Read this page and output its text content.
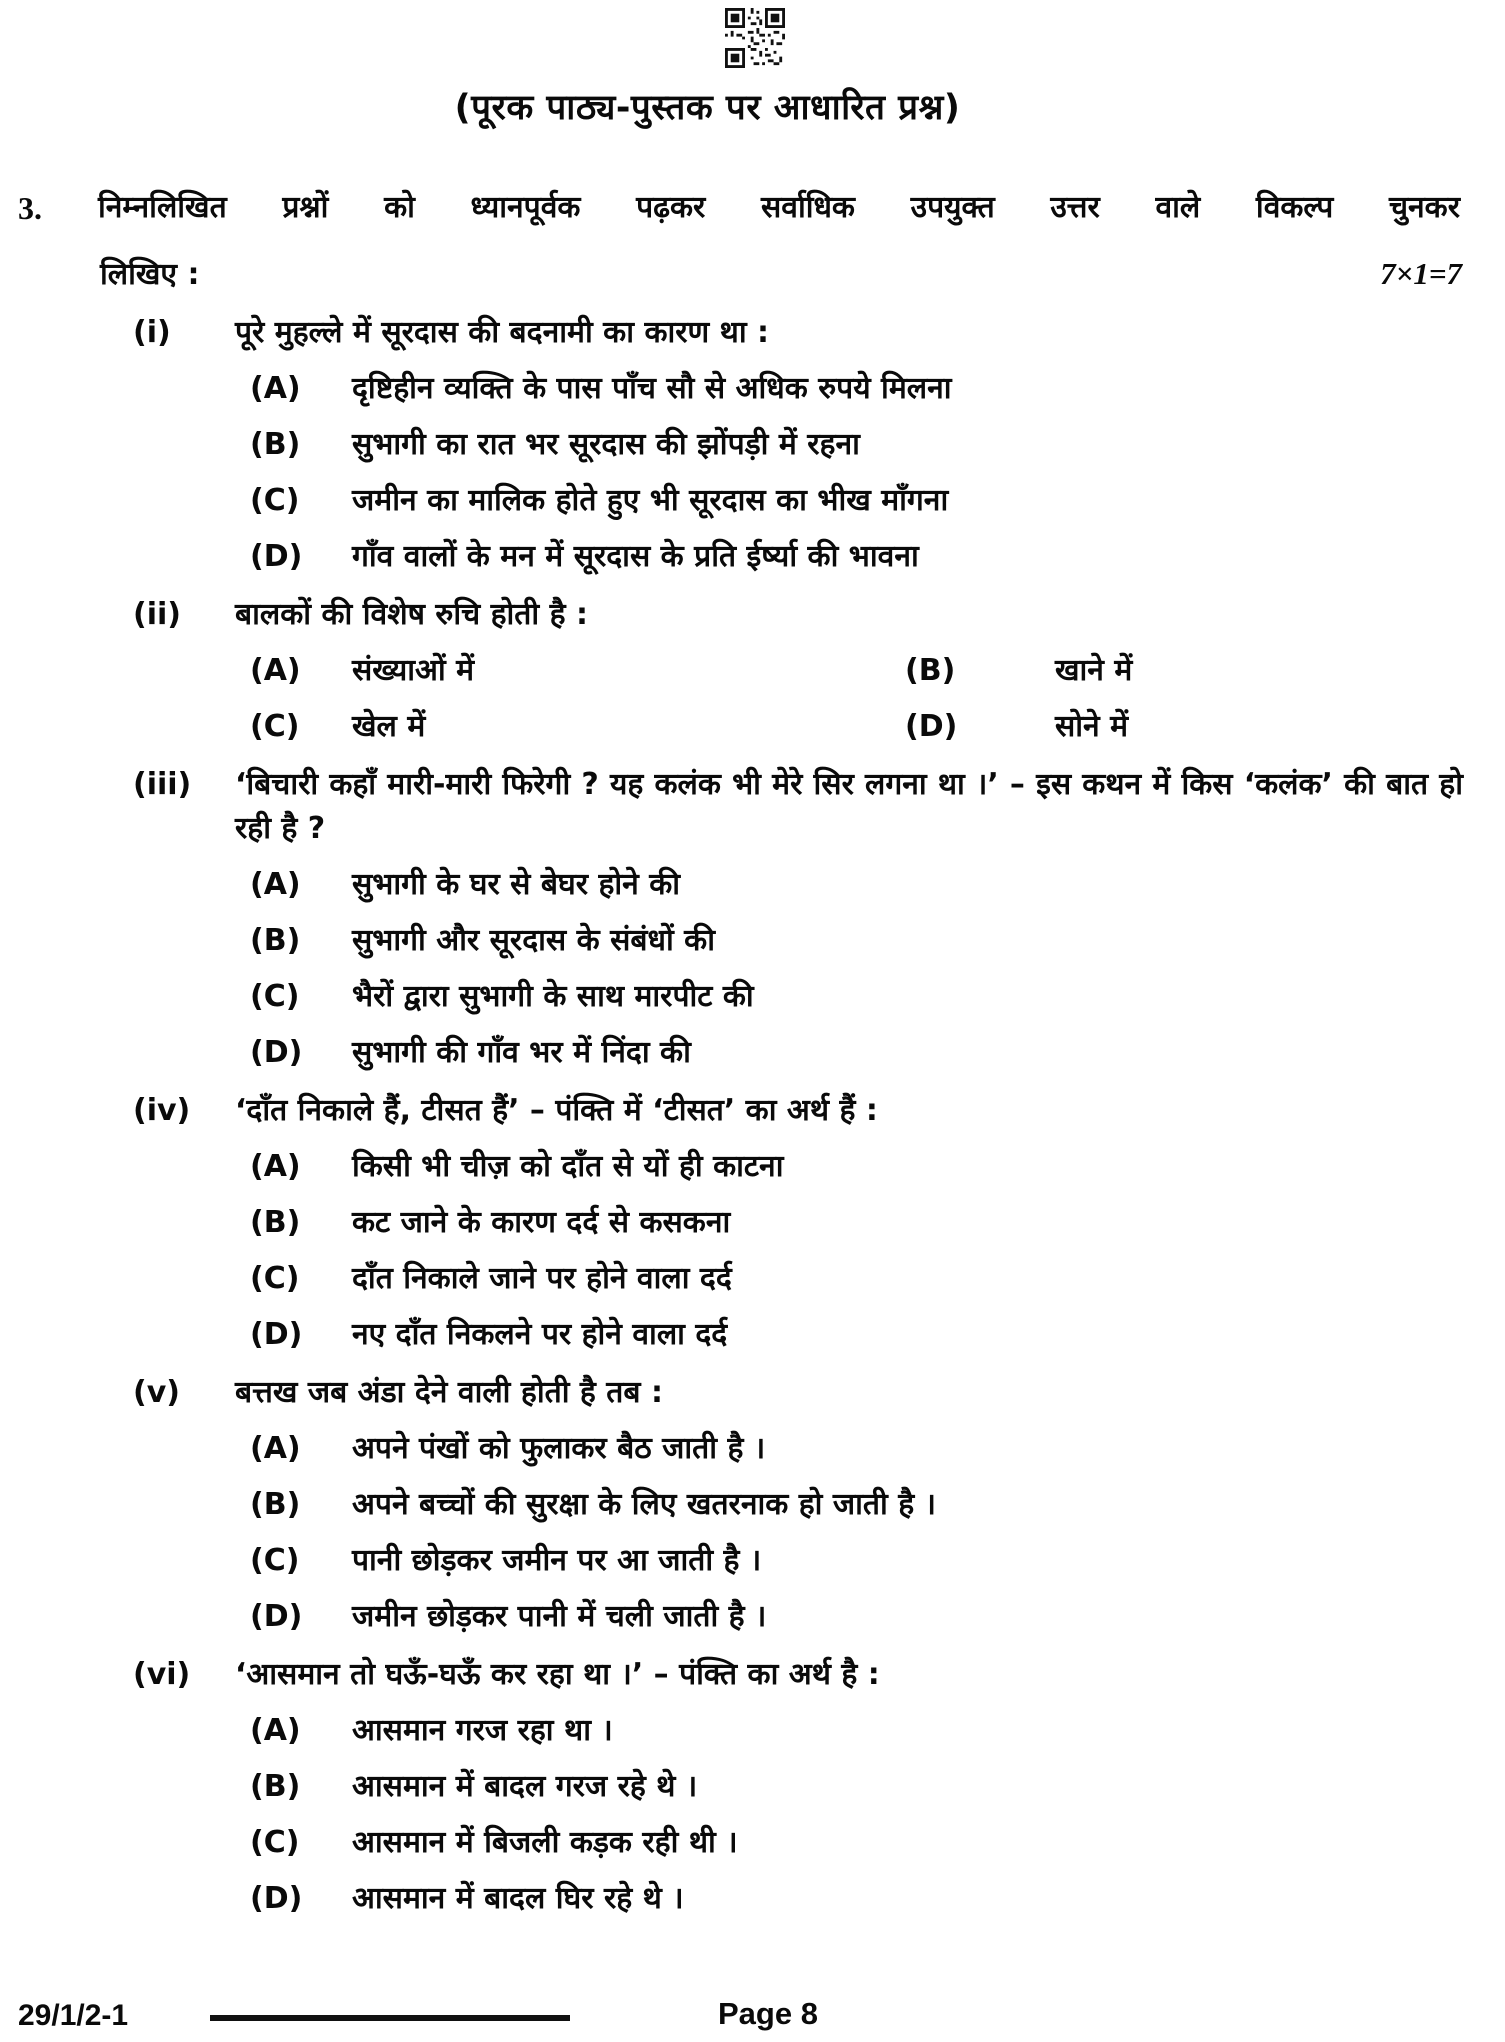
(पूरक पाठ्य-पुस्तक पर आधारित प्रश्न)
3.	निम्नलिखित प्रश्नों को ध्यानपूर्वक पढ़कर सर्वाधिक उपयुक्त उत्तर वाले विकल्प चुनकर

लिखिए :	7×1=7
(i)	पूरे मुहल्ले में सूरदास की बदनामी का कारण था :

(A)	दृष्टिहीन व्यक्ति के पास पाँच सौ से अधिक रुपये मिलना

(B)	सुभागी का रात भर सूरदास की झोंपड़ी में रहना

(C)	जमीन का मालिक होते हुए भी सूरदास का भीख माँगना

(D)	गाँव वालों के मन में सूरदास के प्रति ईर्ष्या की भावना

(ii)	बालकों की विशेष रुचि होती है :

(A)	संख्याओं में	(B)	खाने में

(C)	खेल में	(D)	सोने में

(iii)	‘बिचारी कहाँ मारी-मारी फिरेगी ? यह कलंक भी मेरे सिर लगना था ।’ – इस कथन में किस ‘कलंक’ की बात हो रही है ?

(A)	सुभागी के घर से बेघर होने की

(B)	सुभागी और सूरदास के संबंधों की

(C)	भैरों द्वारा सुभागी के साथ मारपीट की

(D)	सुभागी की गाँव भर में निंदा की

(iv)	‘दाँत निकाले हैं, टीसत हैं’ – पंक्ति में ‘टीसत’ का अर्थ हैं :

(A)	किसी भी चीज़ को दाँत से यों ही काटना

(B)	कट जाने के कारण दर्द से कसकना

(C)	दाँत निकाले जाने पर होने वाला दर्द

(D)	नए दाँत निकलने पर होने वाला दर्द

(v)	बत्तख जब अंडा देने वाली होती है तब :

(A)	अपने पंखों को फुलाकर बैठ जाती है ।

(B)	अपने बच्चों की सुरक्षा के लिए खतरनाक हो जाती है ।

(C)	पानी छोड़कर जमीन पर आ जाती है ।

(D)	जमीन छोड़कर पानी में चली जाती है ।

(vi)	‘आसमान तो घऊँ-घऊँ कर रहा था ।’ – पंक्ति का अर्थ है :

(A)	आसमान गरज रहा था ।

(B)	आसमान में बादल गरज रहे थे ।

(C)	आसमान में बिजली कड़क रही थी ।

(D)	आसमान में बादल घिर रहे थे ।

29/1/2-1	Page 8
